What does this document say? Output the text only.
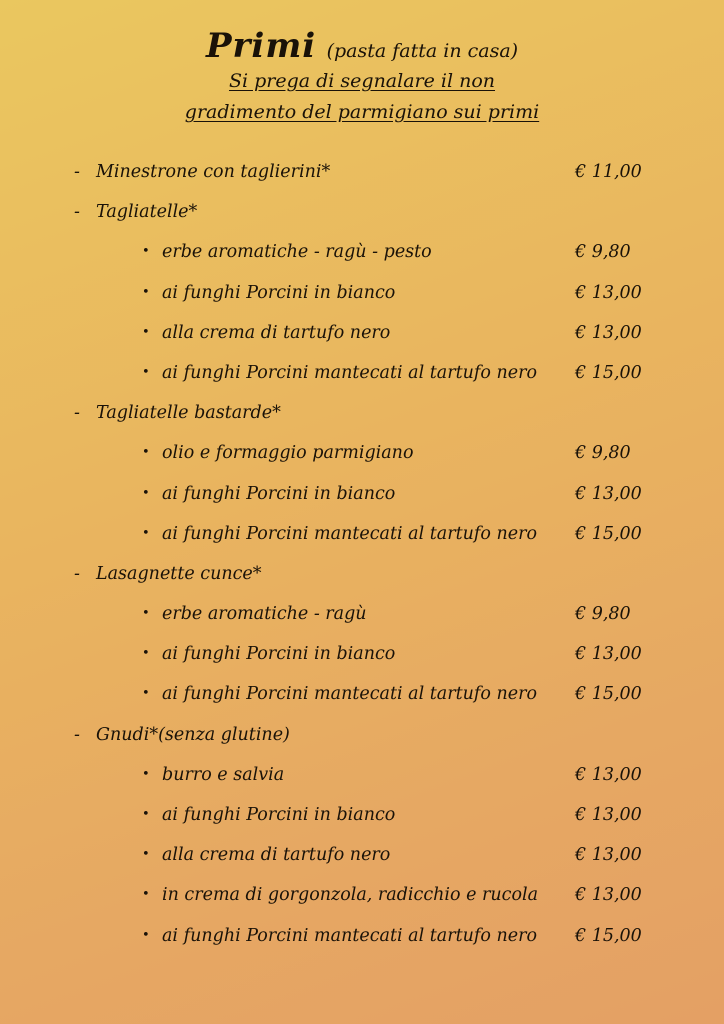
Primi (pasta fatta in casa)
Si prega di segnalare il non
gradimento del parmigiano sui primi
- Minestrone con taglierini*	€ 11,00
- Tagliatelle*
• erbe aromatiche - ragù - pesto	€ 9,80
• ai funghi Porcini in bianco	€ 13,00
• alla crema di tartufo nero	€ 13,00
• ai funghi Porcini mantecati al tartufo nero € 15,00
- Tagliatelle bastarde*
• olio e formaggio parmigiano	€ 9,80
• ai funghi Porcini in bianco	€ 13,00
• ai funghi Porcini mantecati al tartufo nero € 15,00
- Lasagnette cunce*
• erbe aromatiche - ragù	€ 9,80
• ai funghi Porcini in bianco	€ 13,00
• ai funghi Porcini mantecati al tartufo nero € 15,00
- Gnudi*(senza glutine)
• burro e salvia	€ 13,00
• ai funghi Porcini in bianco	€ 13,00
• alla crema di tartufo nero	€ 13,00
• in crema di gorgonzola, radicchio e rucola € 13,00
• ai funghi Porcini mantecati al tartufo nero € 15,00
